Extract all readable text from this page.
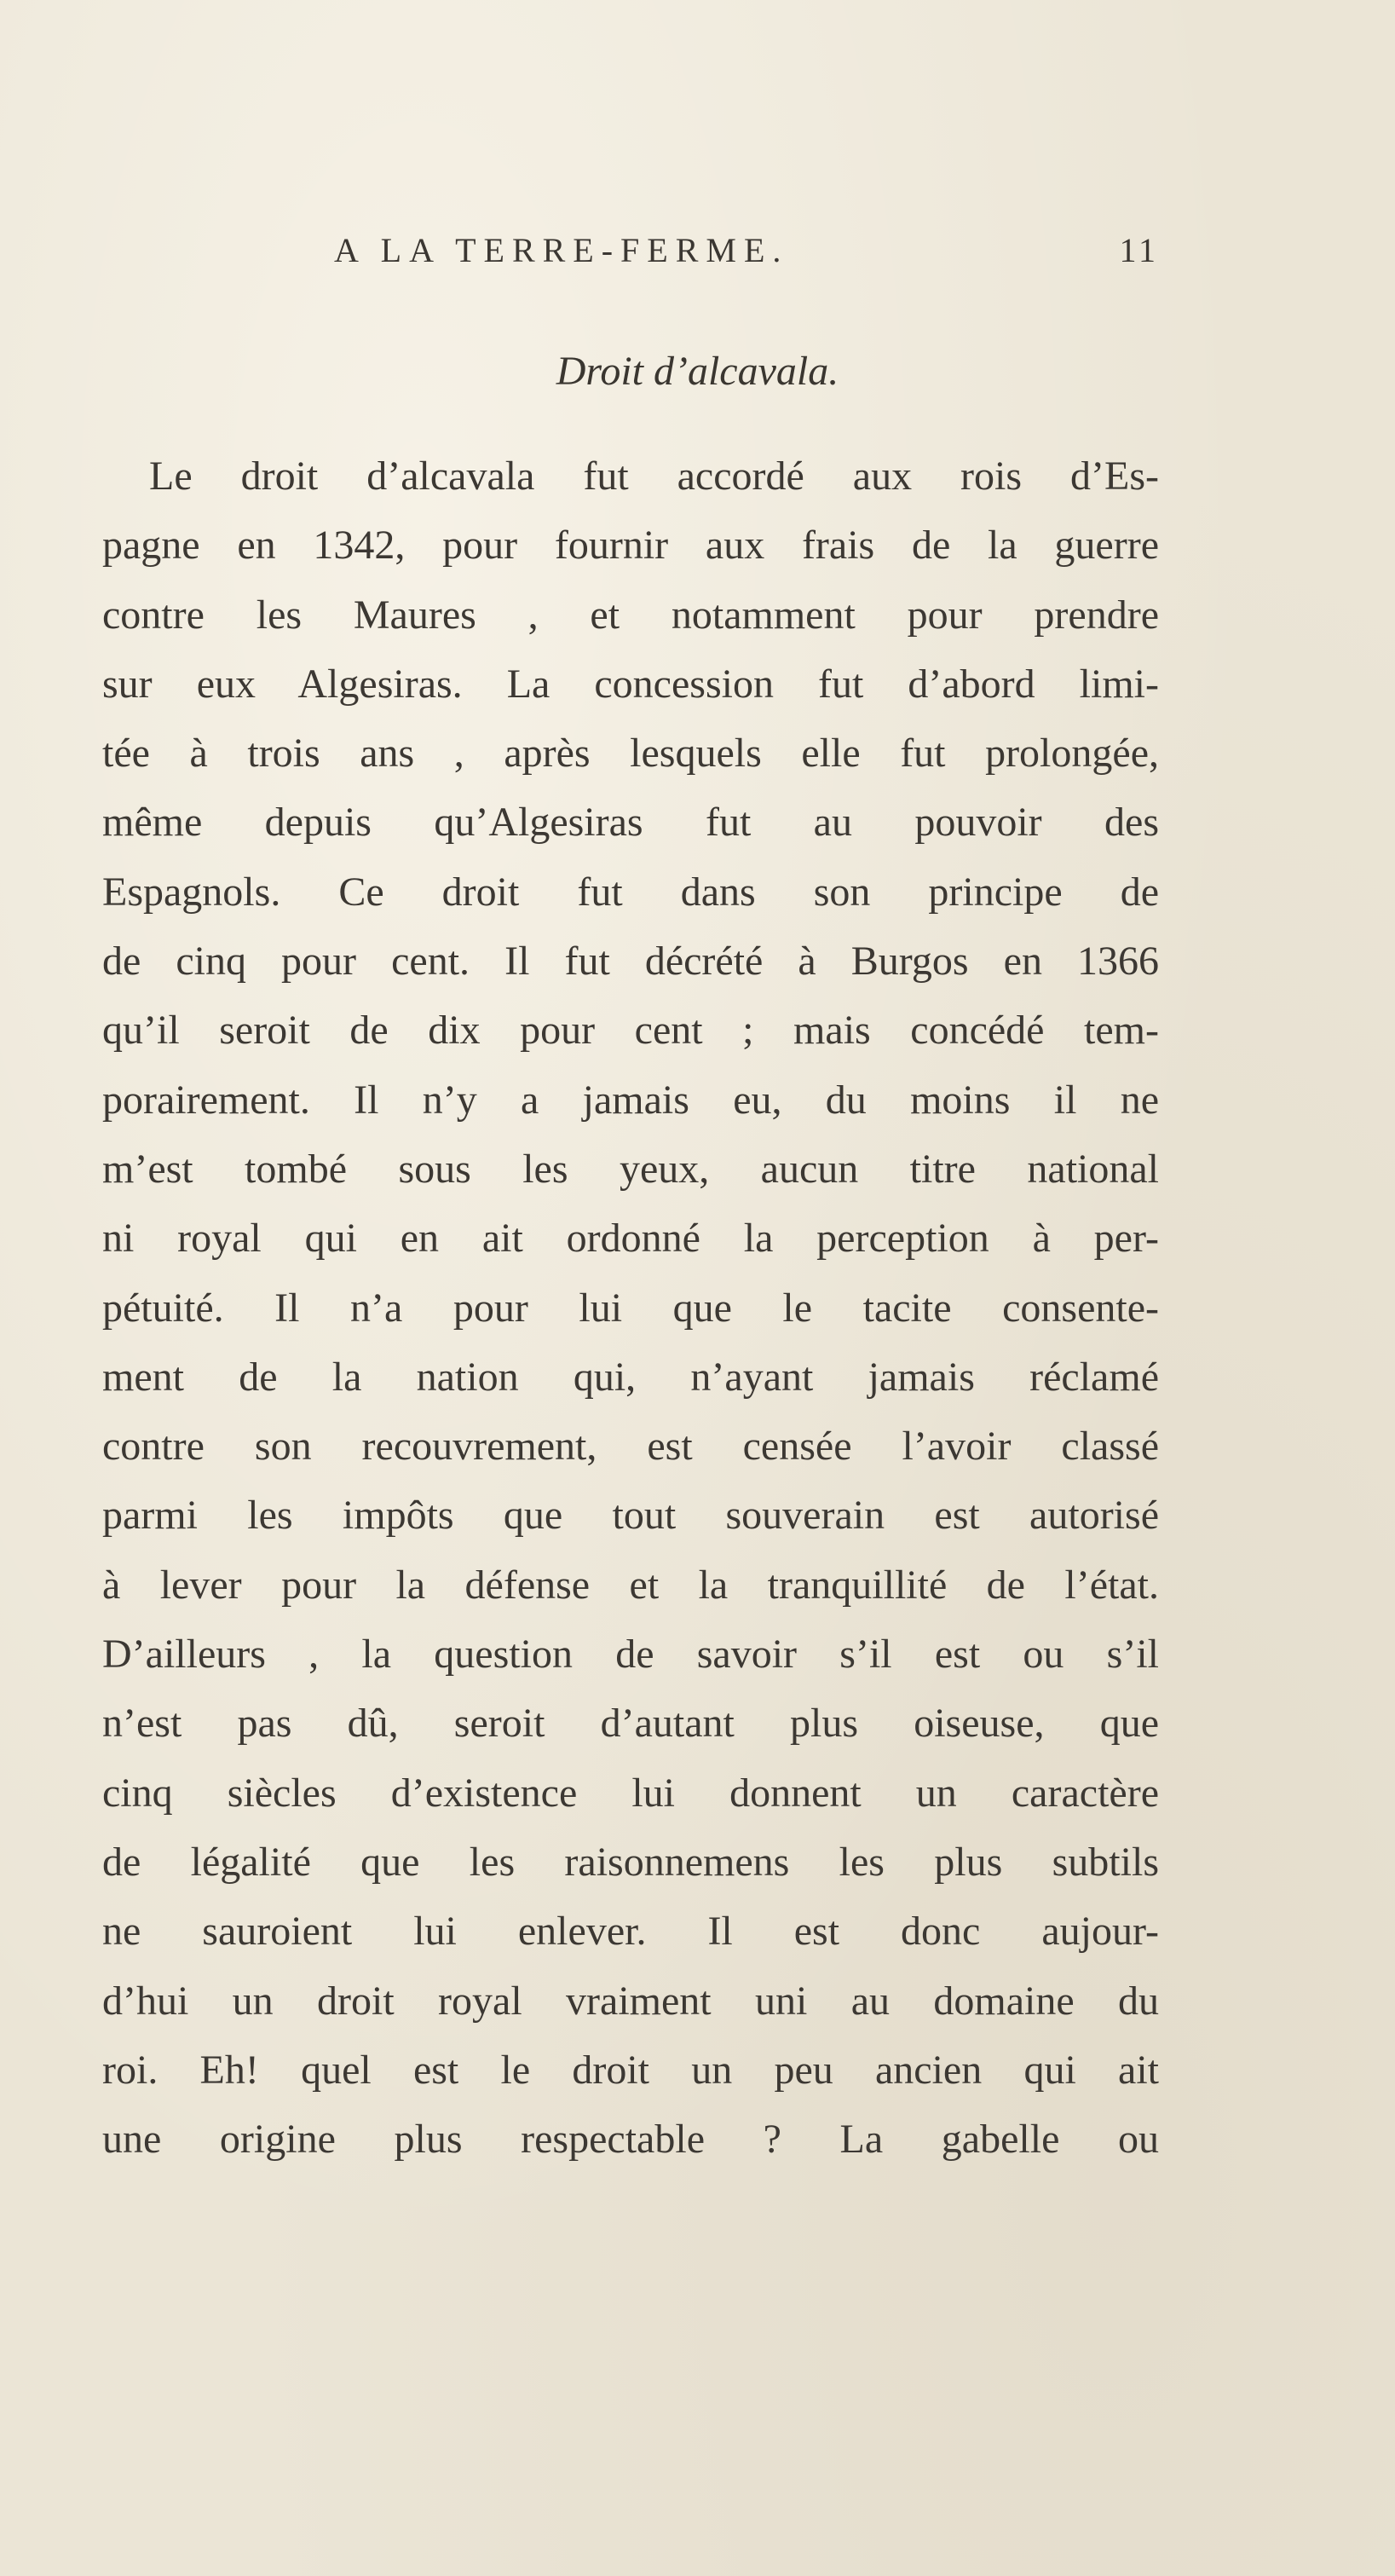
A LA TERRE-FERME.	11
Droit d’alcavala.
Le droit d’alcavala fut accordé aux rois d’Es-
pagne en 1342, pour fournir aux frais de la guerre
contre les Maures , et notamment pour prendre
sur eux Algesiras. La concession fut d’abord limi-
tée à trois ans , après lesquels elle fut prolongée,
même depuis qu’Algesiras fut au pouvoir des
Espagnols. Ce droit fut dans son principe de
de cinq pour cent. Il fut décrété à Burgos en 1366
qu’il seroit de dix pour cent ; mais concédé tem-
porairement. Il n’y a jamais eu, du moins il ne
m’est tombé sous les yeux, aucun titre national
ni royal qui en ait ordonné la perception à per-
pétuité. Il n’a pour lui que le tacite consente-
ment de la nation qui, n’ayant jamais réclamé
contre son recouvrement, est censée l’avoir classé
parmi les impôts que tout souverain est autorisé
à lever pour la défense et la tranquillité de l’état.
D’ailleurs , la question de savoir s’il est ou s’il
n’est pas dû, seroit d’autant plus oiseuse, que
cinq siècles d’existence lui donnent un caractère
de légalité que les raisonnemens les plus subtils
ne sauroient lui enlever. Il est donc aujour-
d’hui un droit royal vraiment uni au domaine du
roi. Eh! quel est le droit un peu ancien qui ait
une origine plus respectable ? La gabelle ou
